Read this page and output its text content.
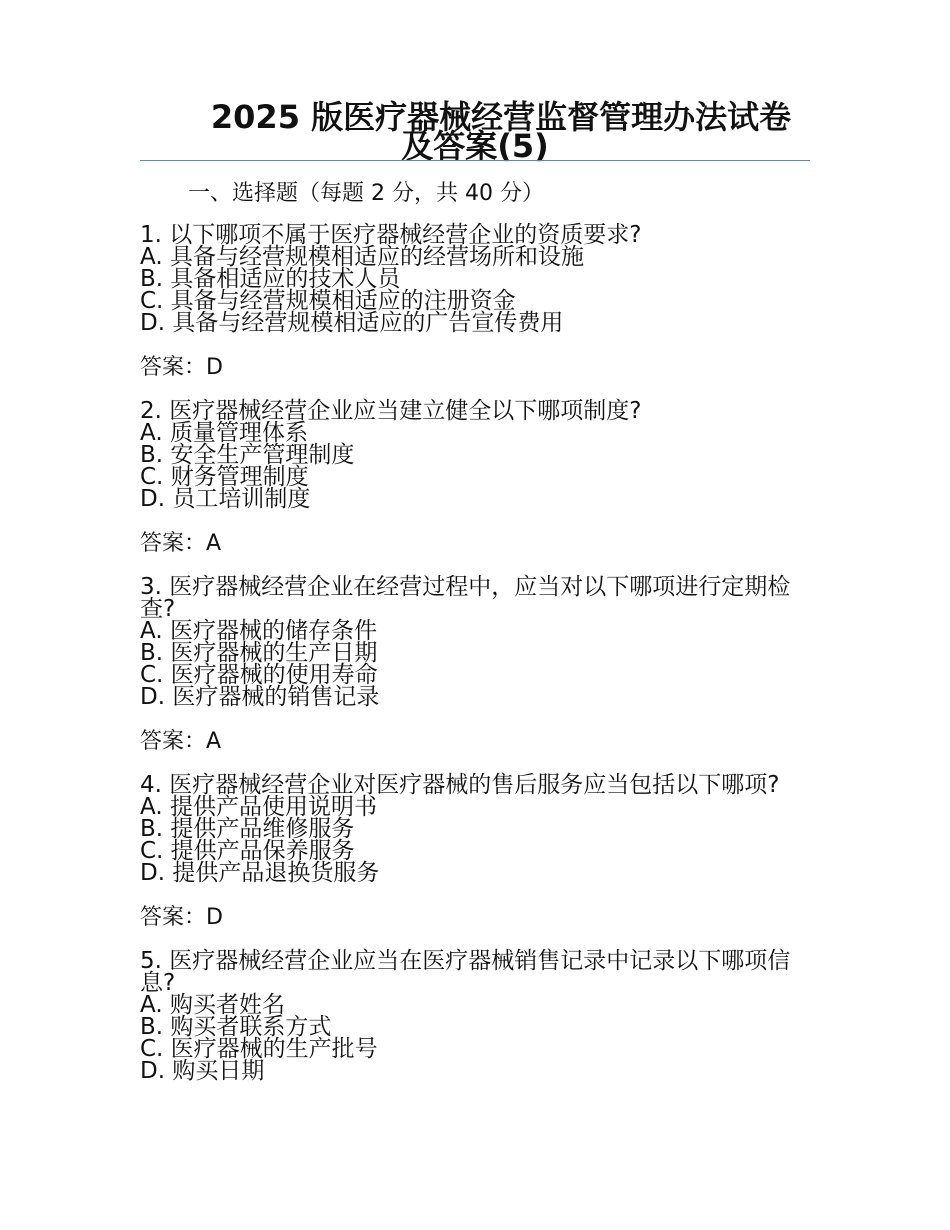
2025 版医疗器械经营监督管理办法试卷
及答案(5)
一、选择题（每题 2 分，共 40 分）

1. 以下哪项不属于医疗器械经营企业的资质要求?

A. 具备与经营规模相适应的经营场所和设施

B. 具备相适应的技术人员

C. 具备与经营规模相适应的注册资金

D. 具备与经营规模相适应的广告宣传费用

答案：D

2. 医疗器械经营企业应当建立健全以下哪项制度?

A. 质量管理体系

B. 安全生产管理制度

C. 财务管理制度

D. 员工培训制度

答案：A

3. 医疗器械经营企业在经营过程中，应当对以下哪项进行定期检查?

A. 医疗器械的储存条件

B. 医疗器械的生产日期

C. 医疗器械的使用寿命

D. 医疗器械的销售记录

答案：A

4. 医疗器械经营企业对医疗器械的售后服务应当包括以下哪项?

A. 提供产品使用说明书

B. 提供产品维修服务

C. 提供产品保养服务

D. 提供产品退换货服务

答案：D

5. 医疗器械经营企业应当在医疗器械销售记录中记录以下哪项信息?

A. 购买者姓名

B. 购买者联系方式

C. 医疗器械的生产批号

D. 购买日期
